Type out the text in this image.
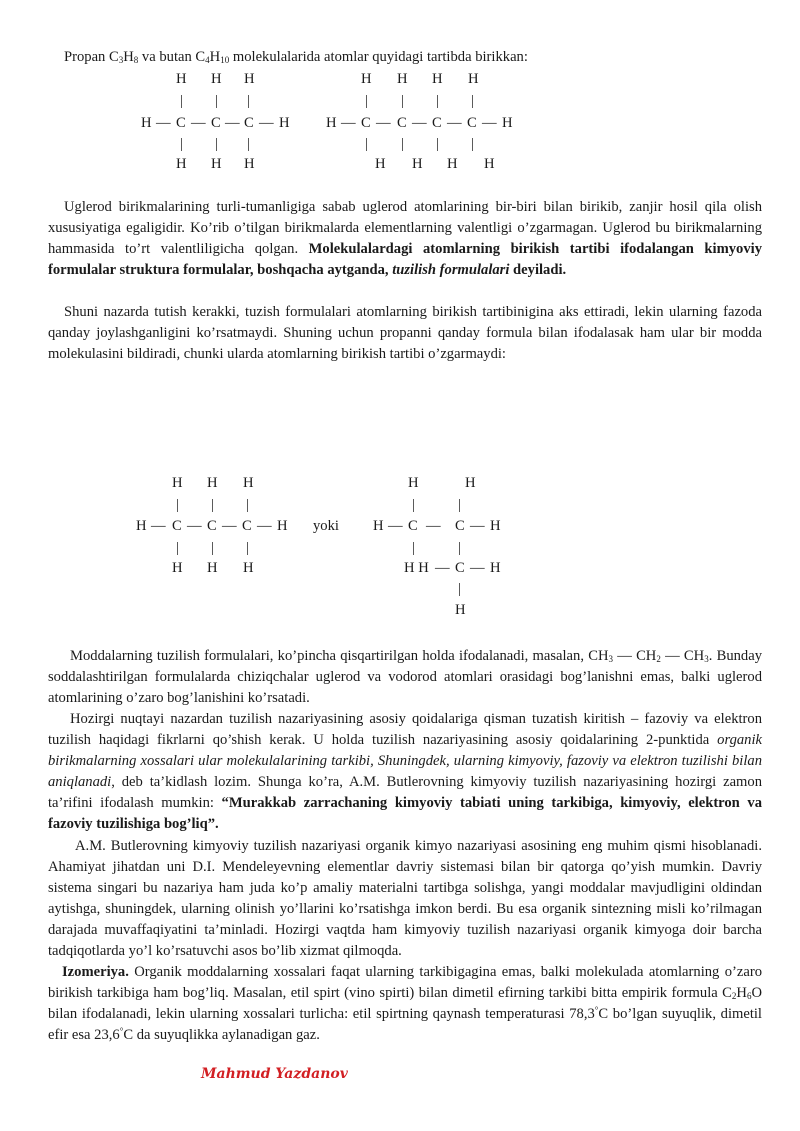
Propan $C_3H_8$ va butan $C_4H_{10}$ molekulalarida atomlar quyidagi tartibda birikkan:
H H H
| | |
H — C — C — C — H
| | |
H H H
H H H H
| | | |
H — C — C — C — C — H
| | | |
H H H H

Uglerod birikmalarining turli-tumanligiga sabab uglerod atomlarining bir-biri bilan birikib, zanjir hosil qila olish xususiyatiga egaligidir. Ko’rib o’tilgan birikmalarda elementlarning valentligi o’zgarmagan. Uglerod bu birikmalarning hammasida to’rt valentliligicha qolgan. Molekulalardagi atomlarning birikish tartibi ifodalangan kimyoviy formulalar struktura formulalar, boshqacha aytganda, tuzilish formulalari deyiladi.

Shuni nazarda tutish kerakki, tuzish formulalari atomlarning birikish tartibinigina aks ettiradi, lekin ularning fazoda qanday joylashganligini ko’rsatmaydi. Shuning uchun propanni qanday formula bilan ifodalasak ham ular bir modda molekulasini bildiradi, chunki ularda atomlarning birikish tartibi o’zgarmaydi:

H H H
| | |
H — C — C — C — H
| | |
H H H
yoki
H	H
|	|
H — C — C — H
|	|
H H — C — H
|
H

Moddalarning tuzilish formulalari, ko’pincha qisqartirilgan holda ifodalanadi, masalan, $CH_3$ — $CH_2$ — $CH_3$. Bunday soddalashtirilgan formulalarda chiziqchalar uglerod va vodorod atomlari orasidagi bog’lanishni emas, balki uglerod atomlarining o’zaro bog’lanishini ko’rsatadi.

Hozirgi nuqtayi nazardan tuzilish nazariyasining asosiy qoidalariga qisman tuzatish kiritish – fazoviy va elektron tuzilish haqidagi fikrlarni qo’shish kerak. U holda tuzilish nazariyasining asosiy qoidalarining 2-punktida organik birikmalarning xossalari ular molekulalarining tarkibi, Shuningdek, ularning kimyoviy, fazoviy va elektron tuzilishi bilan aniqlanadi, deb ta’kidlash lozim. Shunga ko’ra, A.M. Butlerovning kimyoviy tuzilish nazariyasining hozirgi zamon ta’rifini ifodalash mumkin: “Murakkab zarrachaning kimyoviy tabiati uning tarkibiga, kimyoviy, elektron va fazoviy tuzilishiga bog’liq”.

A.M. Butlerovning kimyoviy tuzilish nazariyasi organik kimyo nazariyasi asosining eng muhim qismi hisoblanadi. Ahamiyat jihatdan uni D.I. Mendeleyevning elementlar davriy sistemasi bilan bir qatorga qo’yish mumkin. Davriy sistema singari bu nazariya ham juda ko’p amaliy materialni tartibga solishga, yangi moddalar mavjudligini oldindan aytishga, shuningdek, ularning olinish yo’llarini ko’rsatishga imkon berdi. Bu esa organik sintezning misli ko’rilmagan darajada muvaffaqiyatini ta’minladi. Hozirgi vaqtda ham kimyoviy tuzilish nazariyasi organik kimyoga doir barcha tadqiqotlarda yo’l ko’rsatuvchi asos bo’lib xizmat qilmoqda.

Izomeriya. Organik moddalarning xossalari faqat ularning tarkibigagina emas, balki molekulada atomlarning o’zaro birikish tarkibiga ham bog’liq. Masalan, etil spirt (vino spirti) bilan dimetil efirning tarkibi bitta empirik formula $C_2H_6O$ bilan ifodalanadi, lekin ularning xossalari turlicha: etil spirtning qaynash temperaturasi 78,3°C bo’lgan suyuqlik, dimetil efir esa 23,6°C da suyuqlikka aylanadigan gaz.

Mahmud Yazdanov
